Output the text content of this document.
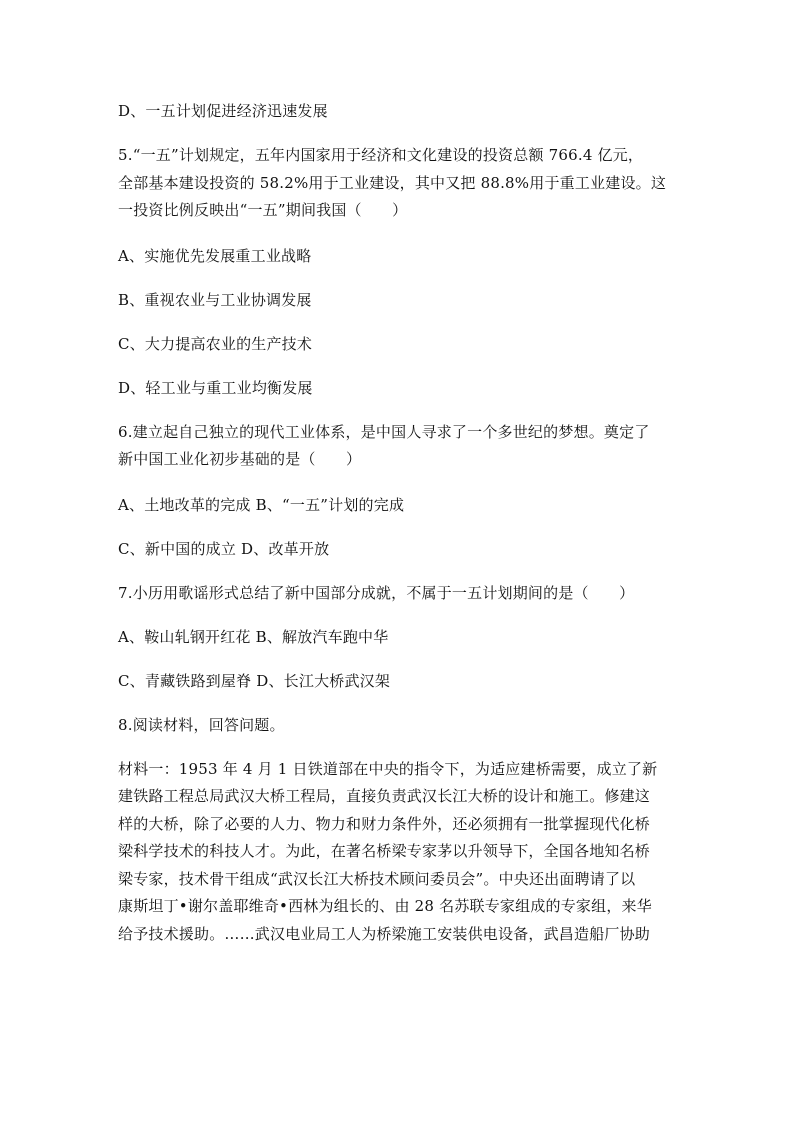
D、一五计划促进经济迅速发展

5.“一五”计划规定，五年内国家用于经济和文化建设的投资总额 766.4 亿元，

全部基本建设投资的 58.2%用于工业建设，其中又把 88.8%用于重工业建设。这

一投资比例反映出“一五”期间我国（　　）

A、实施优先发展重工业战略

B、重视农业与工业协调发展

C、大力提高农业的生产技术

D、轻工业与重工业均衡发展

6.建立起自己独立的现代工业体系，是中国人寻求了一个多世纪的梦想。奠定了

新中国工业化初步基础的是（　　）

A、土地改革的完成 B、“一五”计划的完成

C、新中国的成立 D、改革开放

7.小历用歌谣形式总结了新中国部分成就，不属于一五计划期间的是（　　）

A、鞍山轧钢开红花 B、解放汽车跑中华

C、青藏铁路到屋脊 D、长江大桥武汉架

8.阅读材料，回答问题。

材料一：1953 年 4 月 1 日铁道部在中央的指令下，为适应建桥需要，成立了新

建铁路工程总局武汉大桥工程局，直接负责武汉长江大桥的设计和施工。修建这

样的大桥，除了必要的人力、物力和财力条件外，还必须拥有一批掌握现代化桥

梁科学技术的科技人才。为此，在著名桥梁专家茅以升领导下，全国各地知名桥

梁专家，技术骨干组成“武汉长江大桥技术顾问委员会”。中央还出面聘请了以

康斯坦丁•谢尔盖耶维奇•西林为组长的、由 28 名苏联专家组成的专家组，来华

给予技术援助。……武汉电业局工人为桥梁施工安装供电设备，武昌造船厂协助
